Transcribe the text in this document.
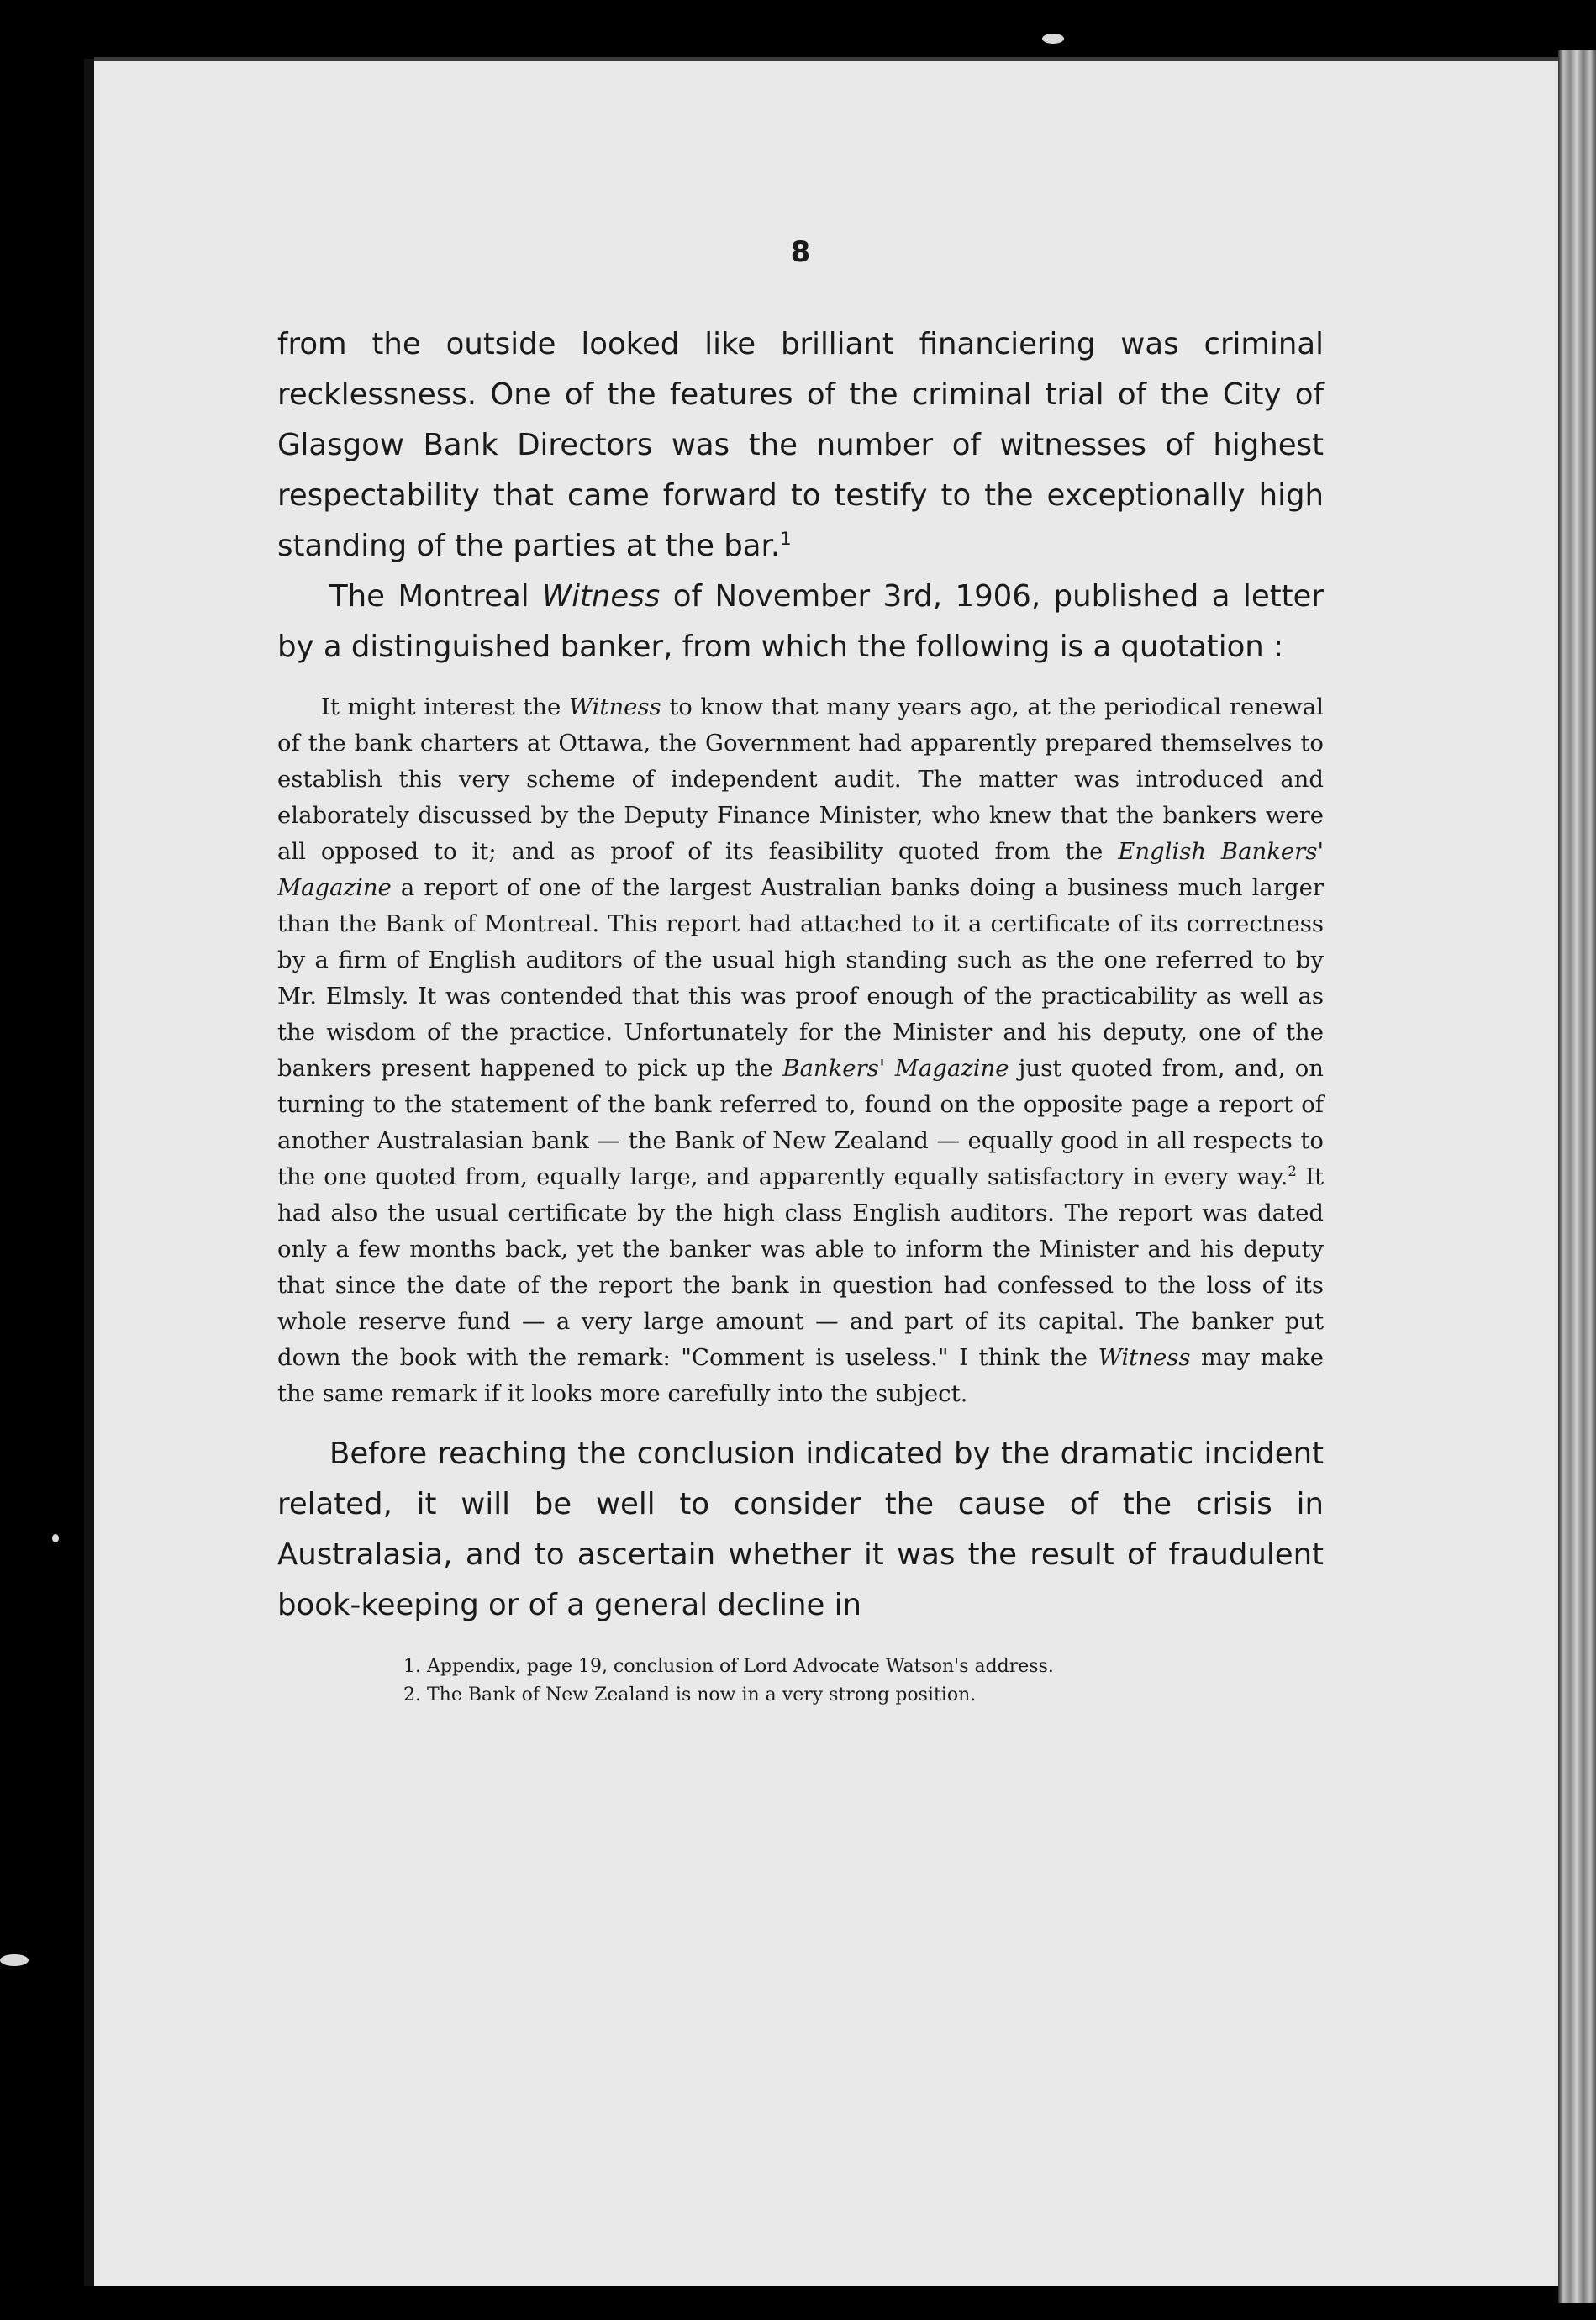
8

from the outside looked like brilliant financiering was criminal recklessness. One of the features of the criminal trial of the City of Glasgow Bank Directors was the number of witnesses of highest respectability that came forward to testify to the exceptionally high standing of the parties at the bar.$^1$

The Montreal Witness of November 3rd, 1906, published a letter by a distinguished banker, from which the following is a quotation :

It might interest the Witness to know that many years ago, at the periodical renewal of the bank charters at Ottawa, the Government had apparently prepared themselves to establish this very scheme of independent audit. The matter was introduced and elaborately discussed by the Deputy Finance Minister, who knew that the bankers were all opposed to it; and as proof of its feasibility quoted from the English Bankers' Magazine a report of one of the largest Australian banks doing a business much larger than the Bank of Montreal. This report had attached to it a certificate of its correctness by a firm of English auditors of the usual high standing such as the one referred to by Mr. Elmsly. It was contended that this was proof enough of the practicability as well as the wisdom of the practice. Unfortunately for the Minister and his deputy, one of the bankers present happened to pick up the Bankers' Magazine just quoted from, and, on turning to the statement of the bank referred to, found on the opposite page a report of another Australasian bank — the Bank of New Zealand — equally good in all respects to the one quoted from, equally large, and apparently equally satisfactory in every way.$^2$ It had also the usual certificate by the high class English auditors. The report was dated only a few months back, yet the banker was able to inform the Minister and his deputy that since the date of the report the bank in question had confessed to the loss of its whole reserve fund — a very large amount — and part of its capital. The banker put down the book with the remark: "Comment is useless." I think the Witness may make the same remark if it looks more carefully into the subject.

Before reaching the conclusion indicated by the dramatic incident related, it will be well to consider the cause of the crisis in Australasia, and to ascertain whether it was the result of fraudulent book-keeping or of a general decline in

1. Appendix, page 19, conclusion of Lord Advocate Watson's address.

2. The Bank of New Zealand is now in a very strong position.
